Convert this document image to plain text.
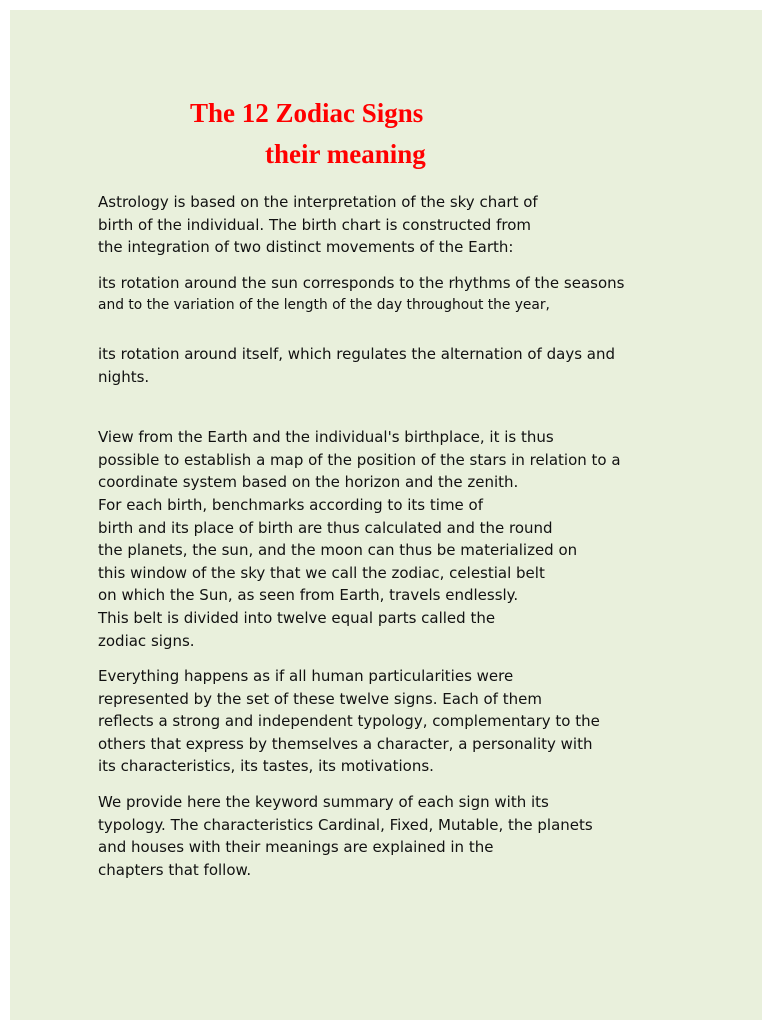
The 12 Zodiac Signs
their meaning
Astrology is based on the interpretation of the sky chart of
birth of the individual. The birth chart is constructed from
the integration of two distinct movements of the Earth:
its rotation around the sun corresponds to the rhythms of the seasons
and to the variation of the length of the day throughout the year,
its rotation around itself, which regulates the alternation of days and
nights.
View from the Earth and the individual's birthplace, it is thus
possible to establish a map of the position of the stars in relation to a
coordinate system based on the horizon and the zenith.
For each birth, benchmarks according to its time of
birth and its place of birth are thus calculated and the round
the planets, the sun, and the moon can thus be materialized on
this window of the sky that we call the zodiac, celestial belt
on which the Sun, as seen from Earth, travels endlessly.
This belt is divided into twelve equal parts called the
zodiac signs.
Everything happens as if all human particularities were
represented by the set of these twelve signs. Each of them
reflects a strong and independent typology, complementary to the
others that express by themselves a character, a personality with
its characteristics, its tastes, its motivations.
We provide here the keyword summary of each sign with its
typology. The characteristics Cardinal, Fixed, Mutable, the planets
and houses with their meanings are explained in the
chapters that follow.
